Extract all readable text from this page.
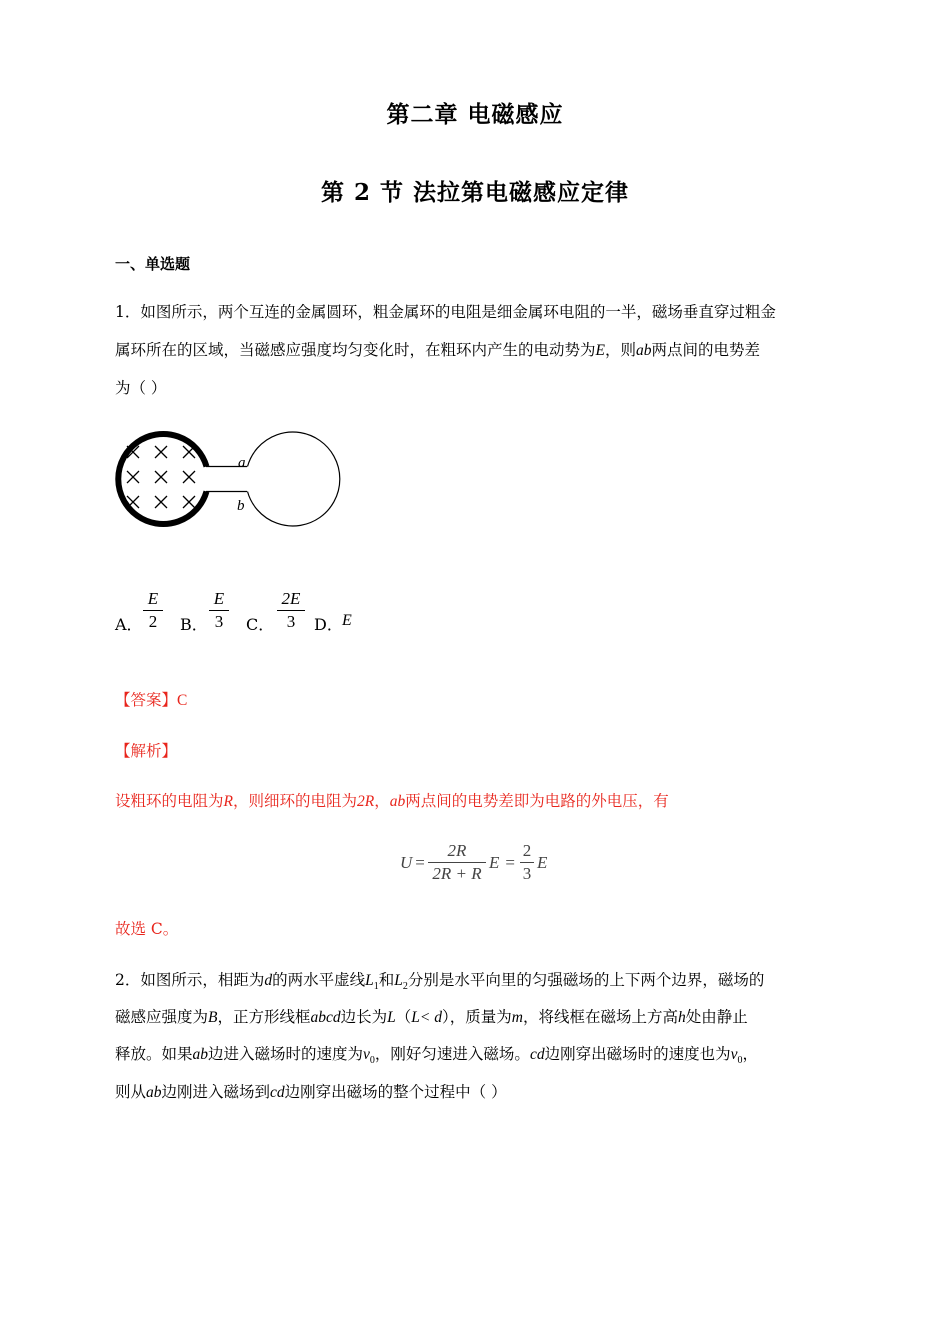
第二章 电磁感应
第 2 节 法拉第电磁感应定律
一、单选题
1．如图所示，两个互连的金属圆环，粗金属环的电阻是细金属环电阻的一半，磁场垂直穿过粗金
属环所在的区域，当磁感应强度均匀变化时，在粗环内产生的电动势为E，则ab两点间的电势差
为（ ）
a
b
A．
E
2	B．
E
3	C．
2E
3	D． E
【答案】C
【解析】
设粗环的电阻为R，则细环的电阻为2R，ab两点间的电势差即为电路的外电压，有
U =
2R
2R + R
E =
2
3
E
故选 C。
2．如图所示，相距为d的两水平虚线$L_1$和$L_2$分别是水平向里的匀强磁场的上下两个边界，磁场的
磁感应强度为B，正方形线框abcd边长为L（L< d），质量为m，将线框在磁场上方高h处由静止
释放。如果ab边进入磁场时的速度为$v_0$，刚好匀速进入磁场。cd边刚穿出磁场时的速度也为$v_0$，
则从ab边刚进入磁场到cd边刚穿出磁场的整个过程中（ ）
